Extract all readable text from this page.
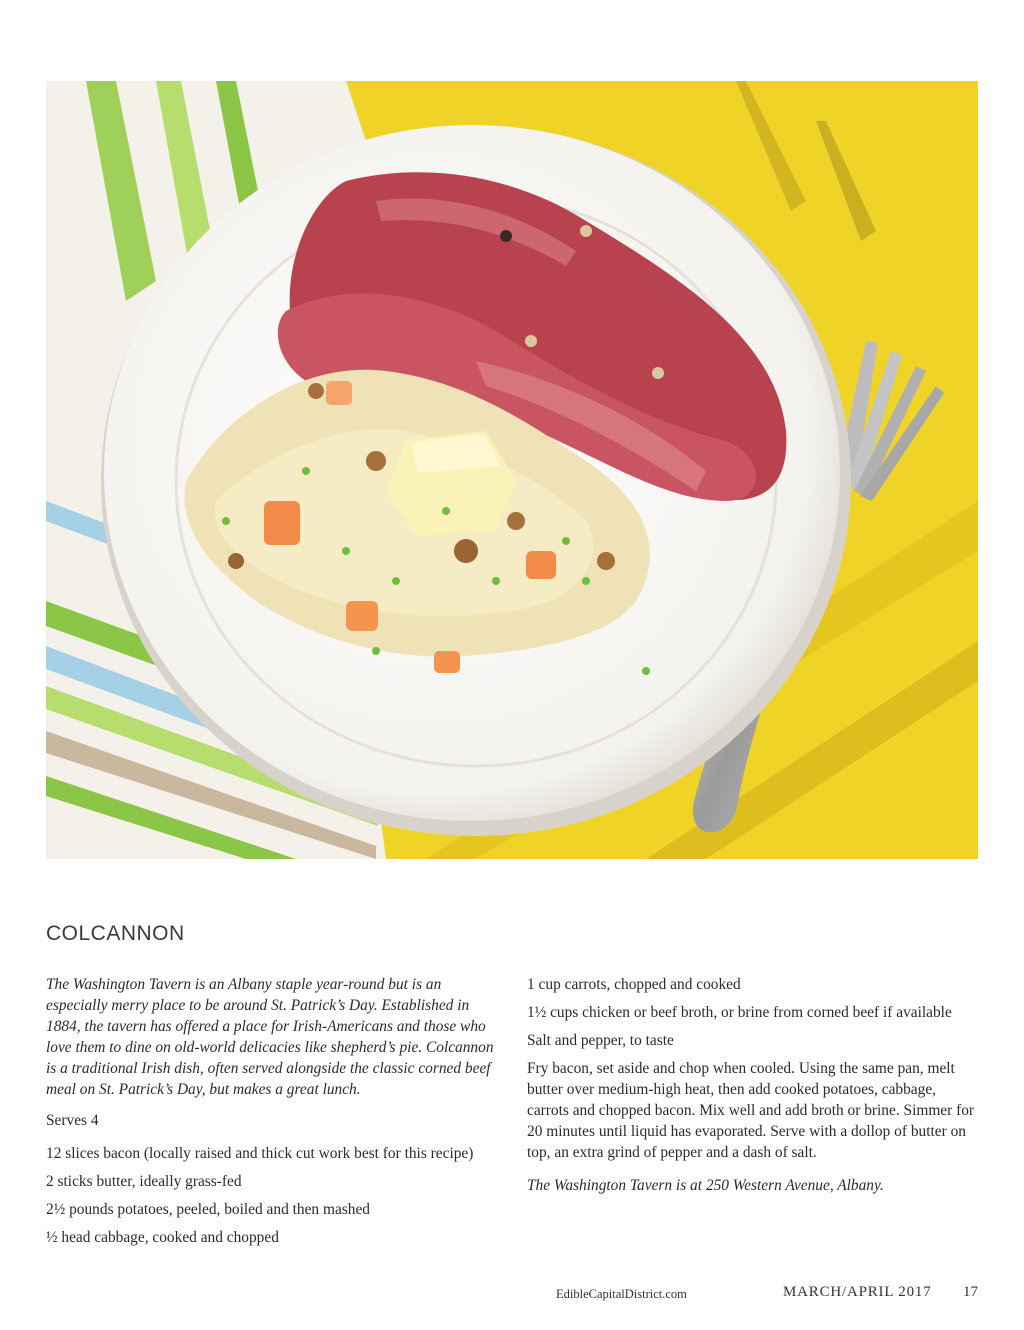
COLCANNON

The Washington Tavern is an Albany staple year-round but is an especially merry place to be around St. Patrick’s Day. Established in 1884, the tavern has offered a place for Irish-Americans and those who love them to dine on old-world delicacies like shepherd’s pie. Colcannon is a traditional Irish dish, often served alongside the classic corned beef meal on St. Patrick’s Day, but makes a great lunch.

Serves 4

12 slices bacon (locally raised and thick cut work best for this recipe)

2 sticks butter, ideally grass-fed

2½ pounds potatoes, peeled, boiled and then mashed

½ head cabbage, cooked and chopped

1 cup carrots, chopped and cooked

1½ cups chicken or beef broth, or brine from corned beef if available

Salt and pepper, to taste

Fry bacon, set aside and chop when cooled. Using the same pan, melt butter over medium-high heat, then add cooked potatoes, cabbage, carrots and chopped bacon. Mix well and add broth or brine. Simmer for 20 minutes until liquid has evaporated. Serve with a dollop of butter on top, an extra grind of pepper and a dash of salt.

The Washington Tavern is at 250 Western Avenue, Albany.

EdibleCapitalDistrict.com	MARCH/APRIL 2017 17
